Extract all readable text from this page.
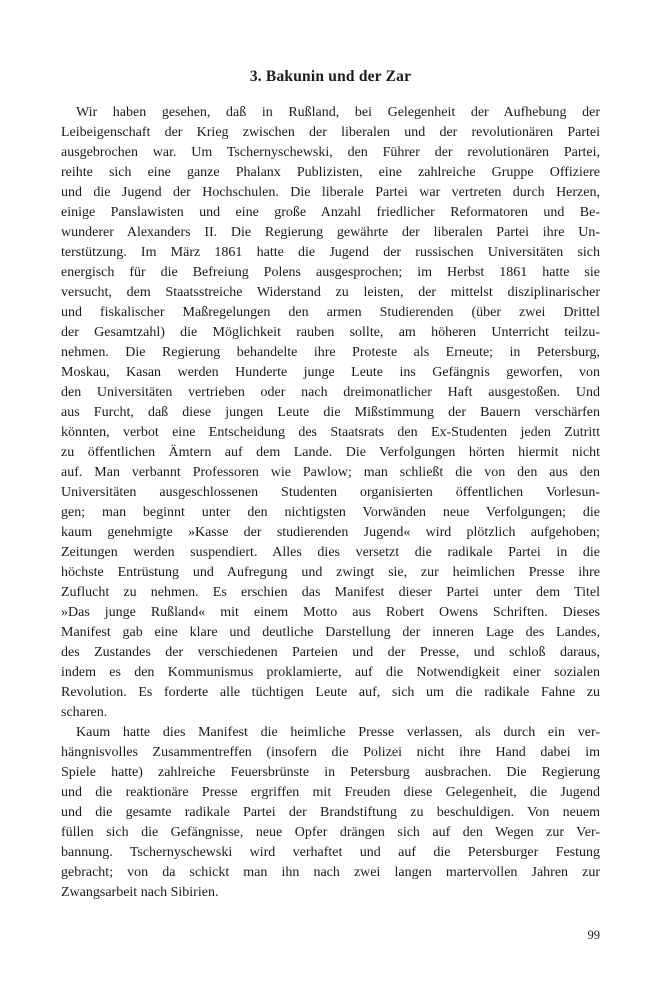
3. Bakunin und der Zar
Wir haben gesehen, daß in Rußland, bei Gelegenheit der Aufhebung der
Leibeigenschaft der Krieg zwischen der liberalen und der revolutionären Partei
ausgebrochen war. Um Tschernyschewski, den Führer der revolutionären Partei,
reihte sich eine ganze Phalanx Publizisten, eine zahlreiche Gruppe Offiziere
und die Jugend der Hochschulen. Die liberale Partei war vertreten durch Herzen,
einige Panslawisten und eine große Anzahl friedlicher Reformatoren und Be-
wunderer Alexanders II. Die Regierung gewährte der liberalen Partei ihre Un-
terstützung. Im März 1861 hatte die Jugend der russischen Universitäten sich
energisch für die Befreiung Polens ausgesprochen; im Herbst 1861 hatte sie
versucht, dem Staatsstreiche Widerstand zu leisten, der mittelst disziplinarischer
und fiskalischer Maßregelungen den armen Studierenden (über zwei Drittel
der Gesamtzahl) die Möglichkeit rauben sollte, am höheren Unterricht teilzu-
nehmen. Die Regierung behandelte ihre Proteste als Erneute; in Petersburg,
Moskau, Kasan werden Hunderte junge Leute ins Gefängnis geworfen, von
den Universitäten vertrieben oder nach dreimonatlicher Haft ausgestoßen. Und
aus Furcht, daß diese jungen Leute die Mißstimmung der Bauern verschärfen
könnten, verbot eine Entscheidung des Staatsrats den Ex-Studenten jeden Zutritt
zu öffentlichen Ämtern auf dem Lande. Die Verfolgungen hörten hiermit nicht
auf. Man verbannt Professoren wie Pawlow; man schließt die von den aus den
Universitäten ausgeschlossenen Studenten organisierten öffentlichen Vorlesun-
gen; man beginnt unter den nichtigsten Vorwänden neue Verfolgungen; die
kaum genehmigte »Kasse der studierenden Jugend« wird plötzlich aufgehoben;
Zeitungen werden suspendiert. Alles dies versetzt die radikale Partei in die
höchste Entrüstung und Aufregung und zwingt sie, zur heimlichen Presse ihre
Zuflucht zu nehmen. Es erschien das Manifest dieser Partei unter dem Titel
»Das junge Rußland« mit einem Motto aus Robert Owens Schriften. Dieses
Manifest gab eine klare und deutliche Darstellung der inneren Lage des Landes,
des Zustandes der verschiedenen Parteien und der Presse, und schloß daraus,
indem es den Kommunismus proklamierte, auf die Notwendigkeit einer sozialen
Revolution. Es forderte alle tüchtigen Leute auf, sich um die radikale Fahne zu
scharen.
Kaum hatte dies Manifest die heimliche Presse verlassen, als durch ein ver-
hängnisvolles Zusammentreffen (insofern die Polizei nicht ihre Hand dabei im
Spiele hatte) zahlreiche Feuersbrünste in Petersburg ausbrachen. Die Regierung
und die reaktionäre Presse ergriffen mit Freuden diese Gelegenheit, die Jugend
und die gesamte radikale Partei der Brandstiftung zu beschuldigen. Von neuem
füllen sich die Gefängnisse, neue Opfer drängen sich auf den Wegen zur Ver-
bannung. Tschernyschewski wird verhaftet und auf die Petersburger Festung
gebracht; von da schickt man ihn nach zwei langen martervollen Jahren zur
Zwangsarbeit nach Sibirien.
99
